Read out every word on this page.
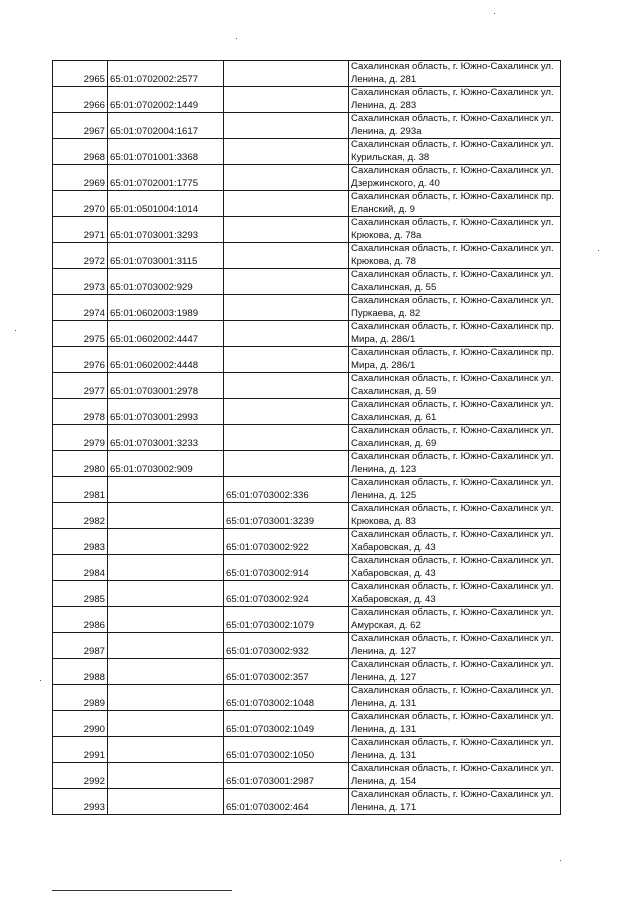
2965	65:01:0702002:2577		Сахалинская область, г. Южно-Сахалинск ул.
Ленина, д. 281

2966	65:01:0702002:1449		Сахалинская область, г. Южно-Сахалинск ул.
Ленина, д. 283

2967	65:01:0702004:1617		Сахалинская область, г. Южно-Сахалинск ул.
Ленина, д. 293а

2968	65:01:0701001:3368		Сахалинская область, г. Южно-Сахалинск ул.
Курильская, д. 38

2969	65:01:0702001:1775		Сахалинская область, г. Южно-Сахалинск ул.
Дзержинского, д. 40

2970	65:01:0501004:1014		Сахалинская область, г. Южно-Сахалинск пр.
Еланский, д. 9

2971	65:01:0703001:3293		Сахалинская область, г. Южно-Сахалинск ул.
Крюкова, д. 78а

2972	65:01:0703001:3115		Сахалинская область, г. Южно-Сахалинск ул.
Крюкова, д. 78

2973	65:01:0703002:929		Сахалинская область, г. Южно-Сахалинск ул.
Сахалинская, д. 55

2974	65:01:0602003:1989		Сахалинская область, г. Южно-Сахалинск ул.
Пуркаева, д. 82

2975	65:01:0602002:4447		Сахалинская область, г. Южно-Сахалинск пр.
Мира, д. 286/1

2976	65:01:0602002:4448		Сахалинская область, г. Южно-Сахалинск пр.
Мира, д. 286/1

2977	65:01:0703001:2978		Сахалинская область, г. Южно-Сахалинск ул.
Сахалинская, д. 59

2978	65:01:0703001:2993		Сахалинская область, г. Южно-Сахалинск ул.
Сахалинская, д. 61

2979	65:01:0703001:3233		Сахалинская область, г. Южно-Сахалинск ул.
Сахалинская, д. 69

2980	65:01:0703002:909		Сахалинская область, г. Южно-Сахалинск ул.
Ленина, д. 123

2981		65:01:0703002:336	Сахалинская область, г. Южно-Сахалинск ул.
Ленина, д. 125

2982		65:01:0703001:3239	Сахалинская область, г. Южно-Сахалинск ул.
Крюкова, д. 83

2983		65:01:0703002:922	Сахалинская область, г. Южно-Сахалинск ул.
Хабаровская, д. 43

2984		65:01:0703002:914	Сахалинская область, г. Южно-Сахалинск ул.
Хабаровская, д. 43

2985		65:01:0703002:924	Сахалинская область, г. Южно-Сахалинск ул.
Хабаровская, д. 43

2986		65:01:0703002:1079	Сахалинская область, г. Южно-Сахалинск ул.
Амурская, д. 62

2987		65:01:0703002:932	Сахалинская область, г. Южно-Сахалинск ул.
Ленина, д. 127

2988		65:01:0703002:357	Сахалинская область, г. Южно-Сахалинск ул.
Ленина, д. 127

2989		65:01:0703002:1048	Сахалинская область, г. Южно-Сахалинск ул.
Ленина, д. 131

2990		65:01:0703002:1049	Сахалинская область, г. Южно-Сахалинск ул.
Ленина, д. 131

2991		65:01:0703002:1050	Сахалинская область, г. Южно-Сахалинск ул.
Ленина, д. 131

2992		65:01:0703001:2987	Сахалинская область, г. Южно-Сахалинск ул.
Ленина, д. 154

2993		65:01:0703002:464	Сахалинская область, г. Южно-Сахалинск ул.
Ленина, д. 171
